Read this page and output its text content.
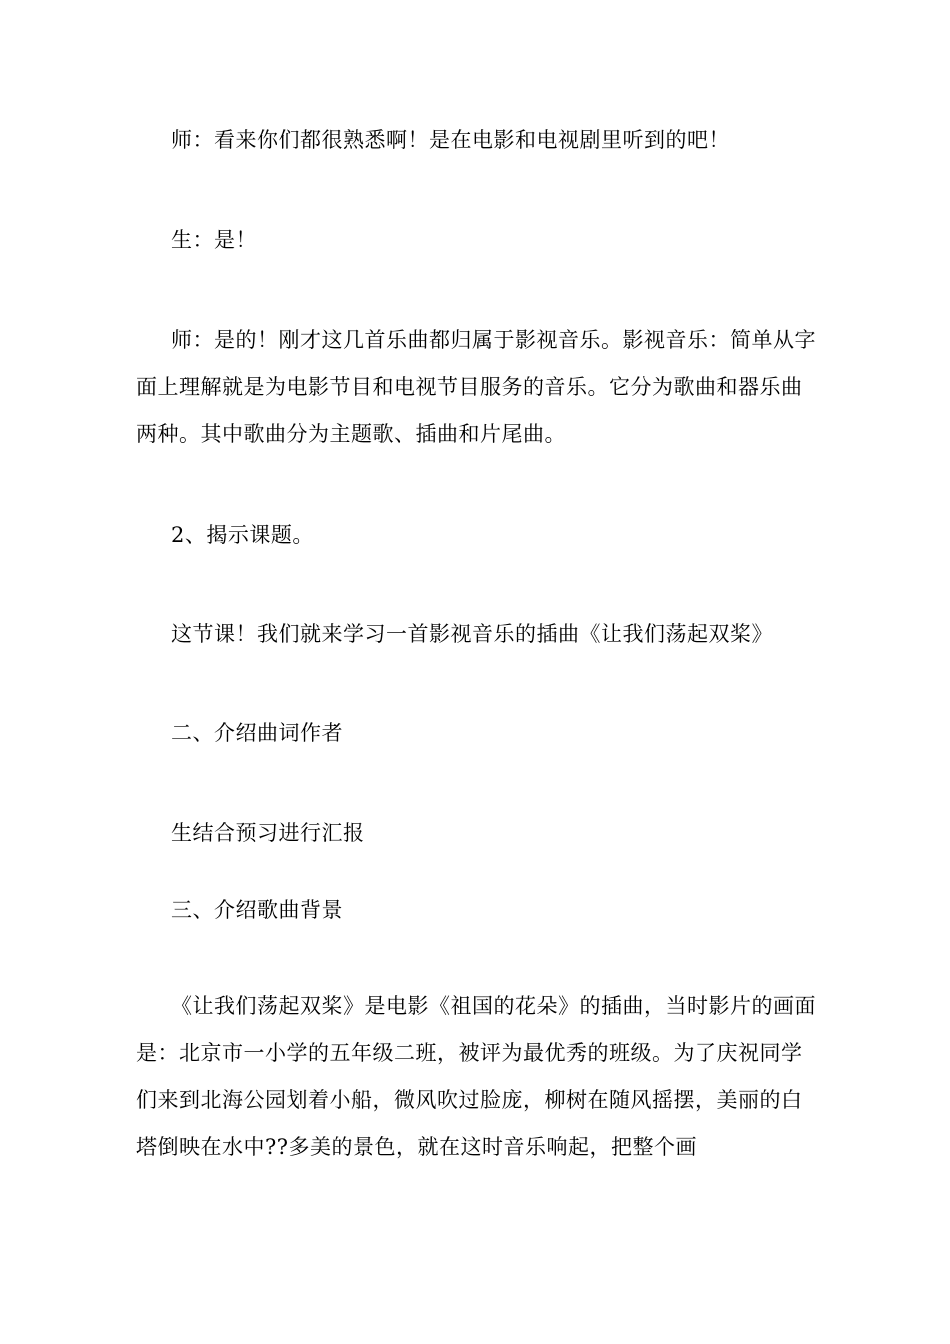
师：看来你们都很熟悉啊！是在电影和电视剧里听到的吧！

生：是！

师：是的！刚才这几首乐曲都归属于影视音乐。影视音乐：简单从字面上理解就是为电影节目和电视节目服务的音乐。它分为歌曲和器乐曲两种。其中歌曲分为主题歌、插曲和片尾曲。

2、揭示课题。

这节课！我们就来学习一首影视音乐的插曲《让我们荡起双桨》

二、介绍曲词作者

生结合预习进行汇报

三、介绍歌曲背景

《让我们荡起双桨》是电影《祖国的花朵》的插曲，当时影片的画面是：北京市一小学的五年级二班，被评为最优秀的班级。为了庆祝同学们来到北海公园划着小船，微风吹过脸庞，柳树在随风摇摆，美丽的白塔倒映在水中??多美的景色，就在这时音乐响起，把整个画
